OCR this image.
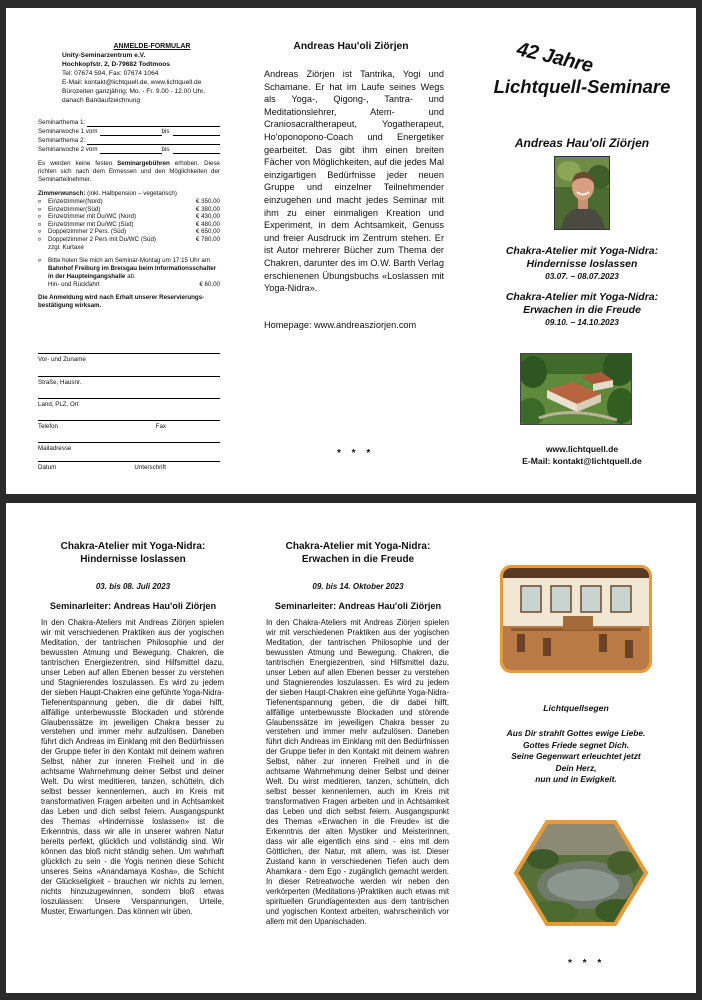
ANMELDE-FORMULAR
Unity-Seminarzentrum e.V.
Hochkopfstr. 2, D-79682 Todtmoos
Tel: 07674 594, Fax: 07674 1064
E-Mail: kontakt@lichtquell.de, www.lichtquell.de
Bürozeiten ganzjährig: Mo. - Fr. 9.00 - 12.00 Uhr,
danach Bandaufzeichnung
Seminarthema 1:
Seminarwoche 1 vom	bis
Seminarthema 2:
Seminarwoche 2 vom	bis
Es werden keine festen Seminargebühren erhoben. Diese richten sich nach dem Ermessen und den Möglichkeiten der Seminarteilnehmer.
Zimmerwunsch: (inkl. Halbpension – vegetarisch)
¤	Einzelzimmer(Nord)	€ 350,00
¤	Einzelzimmer(Süd)	€ 380,00
¤	Einzelzimmer mit Du/WC (Nord)	€ 430,00
¤	Einzelzimmer mit Du/WC (Süd)	€ 480,00
¤	Doppelzimmer 2 Pers. (Süd)	€ 650,00
¤	Doppelzimmer 2 Pers mit Du/WC (Süd)	€ 780,00
zzgl. Kurtaxe
¤	Bitte holen Sie mich am Seminar-Montag um 17:15 Uhr am Bahnhof Freiburg im Breisgau beim Informationsschalter in der Haupteingangshalle ab.
Hin- und Rückfahrt	€ 60,00
Die Anmeldung wird nach Erhalt unserer Reservierungs-bestätigung wirksam.
Vor- und Zuname
Straße, Hausnr.
Land, PLZ, Ort
Telefon	Fax
Mailadresse
Datum	Unterschrift
Andreas Hau'oli Ziörjen
Andreas Ziörjen ist Tantrika, Yogi und Schamane. Er hat im Laufe seines Wegs als Yoga-, Qigong-, Tantra- und Meditationslehrer, Atem- und Craniosacraltherapeut, Yogatherapeut, Ho'oponopono-Coach und Energetiker gearbeitet. Das gibt ihm einen breiten Fächer von Möglichkeiten, auf die jedes Mal einzigartigen Bedürfnisse jeder neuen Gruppe und einzelner Teilnehmender einzugehen und macht jedes Seminar mit ihm zu einer einmaligen Kreation und Experiment, in dem Achtsamkeit, Genuss und freier Ausdruck im Zentrum stehen. Er ist Autor mehrerer Bücher zum Thema der Chakren, darunter des im O.W. Barth Verlag erschienenen Übungsbuchs «Loslassen mit Yoga-Nidra».
Homepage: www.andreasziorjen.com
* * *
42 Jahre
Lichtquell-Seminare
Andreas Hau'oli Ziörjen
Chakra-Atelier mit Yoga-Nidra:
Hindernisse loslassen
03.07. – 08.07.2023
Chakra-Atelier mit Yoga-Nidra:
Erwachen in die Freude
09.10. – 14.10.2023
www.lichtquell.de
E-Mail: kontakt@lichtquell.de
Chakra-Atelier mit Yoga-Nidra:
Hindernisse loslassen
03. bis 08. Juli 2023
Seminarleiter: Andreas Hau'oli Ziörjen
In den Chakra-Ateliers mit Andreas Ziörjen spielen wir mit verschiedenen Praktiken aus der yogischen Meditation, der tantrischen Philosophie und der bewussten Atmung und Bewegung. Chakren, die tantrischen Energiezentren, sind Hilfsmittel dazu, unser Leben auf allen Ebenen besser zu verstehen und Stagnierendes loszulassen. Es wird zu jedem der sieben Haupt-Chakren eine geführte Yoga-Nidra-Tiefenentspannung geben, die dir dabei hilft, allfällige unterbewusste Blockaden und störende Glaubenssätze im jeweiligen Chakra besser zu verstehen und immer mehr aufzulösen. Daneben führt dich Andreas im Einklang mit den Bedürfnissen der Gruppe tiefer in den Kontakt mit deinem wahren Selbst, näher zur inneren Freiheit und in die achtsame Wahrnehmung deiner Selbst und deiner Welt. Du wirst meditieren, tanzen, schütteln, dich selbst besser kennenlernen, auch im Kreis mit transformativen Fragen arbeiten und in Achtsamkeit das Leben und dich selbst feiern. Ausgangspunkt des Themas «Hindernisse loslassen» ist die Erkenntnis, dass wir alle in unserer wahren Natur bereits perfekt, glücklich und vollständig sind. Wir können das bloß nicht ständig sehen. Um wahrhaft glücklich zu sein - die Yogis nennen diese Schicht unseres Seins «Anandamaya Kosha», die Schicht der Glückseligkeit - brauchen wir nichts zu lernen, nichts hinzuzugewinnen, sondern bloß etwas loszulassen: Unsere Verspannungen, Urteile, Muster, Erwartungen. Das können wir üben.
Chakra-Atelier mit Yoga-Nidra:
Erwachen in die Freude
09. bis 14. Oktober 2023
Seminarleiter: Andreas Hau'oli Ziörjen
In den Chakra-Ateliers mit Andreas Ziörjen spielen wir mit verschiedenen Praktiken aus der yogischen Meditation, der tantrischen Philosophie und der bewussten Atmung und Bewegung. Chakren, die tantrischen Energiezentren, sind Hilfsmittel dazu, unser Leben auf allen Ebenen besser zu verstehen und Stagnierendes loszulassen. Es wird zu jedem der sieben Haupt-Chakren eine geführte Yoga-Nidra-Tiefenentspannung geben, die dir dabei hilft, allfällige unterbewusste Blockaden und störende Glaubenssätze im jeweiligen Chakra besser zu verstehen und immer mehr aufzulösen. Daneben führt dich Andreas im Einklang mit den Bedürfnissen der Gruppe tiefer in den Kontakt mit deinem wahren Selbst, näher zur inneren Freiheit und in die achtsame Wahrnehmung deiner Selbst und deiner Welt. Du wirst meditieren, tanzen, schütteln, dich selbst besser kennenlernen, auch im Kreis mit transformativen Fragen arbeiten und in Achtsamkeit das Leben und dich selbst feiern. Ausgangspunkt des Themas «Erwachen in die Freude» ist die Erkenntnis der alten Mystiker und Meisterinnen, dass wir alle eigentlich eins sind - eins mit dem Göttlichen, der Natur, mit allem, was ist. Dieser Zustand kann in verschiedenen Tiefen auch dem Ahamkara - dem Ego - zugänglich gemacht werden. In dieser Retreatwoche werden wir neben den verkörperten (Meditations-)Praktiken auch etwas mit spirituellen Grundlagentexten aus dem tantrischen und yogischen Kontext arbeiten, wahrscheinlich vor allem mit den Upanischaden.
Lichtquellsegen
Aus Dir strahlt Gottes ewige Liebe.
Gottes Friede segnet Dich.
Seine Gegenwart erleuchtet jetzt
Dein Herz,
nun und in Ewigkeit.
* * *
